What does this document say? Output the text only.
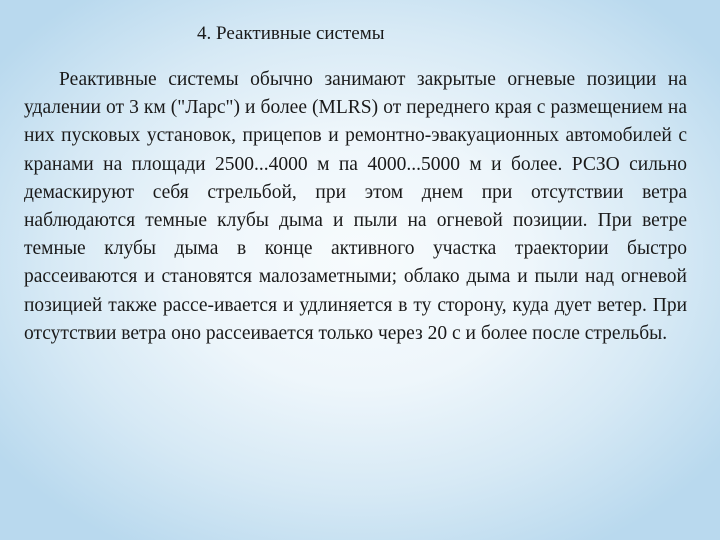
4. Реактивные системы

Реактивные системы обычно занимают закрытые огневые позиции на удалении от 3 км ("Ларс") и более (MLRS) от переднего края с размещением на них пусковых установок, прицепов и ремонтно-эвакуационных автомобилей с кранами на площади 2500...4000 м па 4000...5000 м и более. РСЗО сильно демаскируют себя стрельбой, при этом днем при отсутствии ветра наблюдаются темные клубы дыма и пыли на огневой позиции. При ветре темные клубы дыма в конце активного участка траектории быстро рассеиваются и становятся малозаметными; облако дыма и пыли над огневой позицией также рассе-ивается и удлиняется в ту сторону, куда дует ветер. При отсутствии ветра оно рассеивается только через 20 с и более после стрельбы.
